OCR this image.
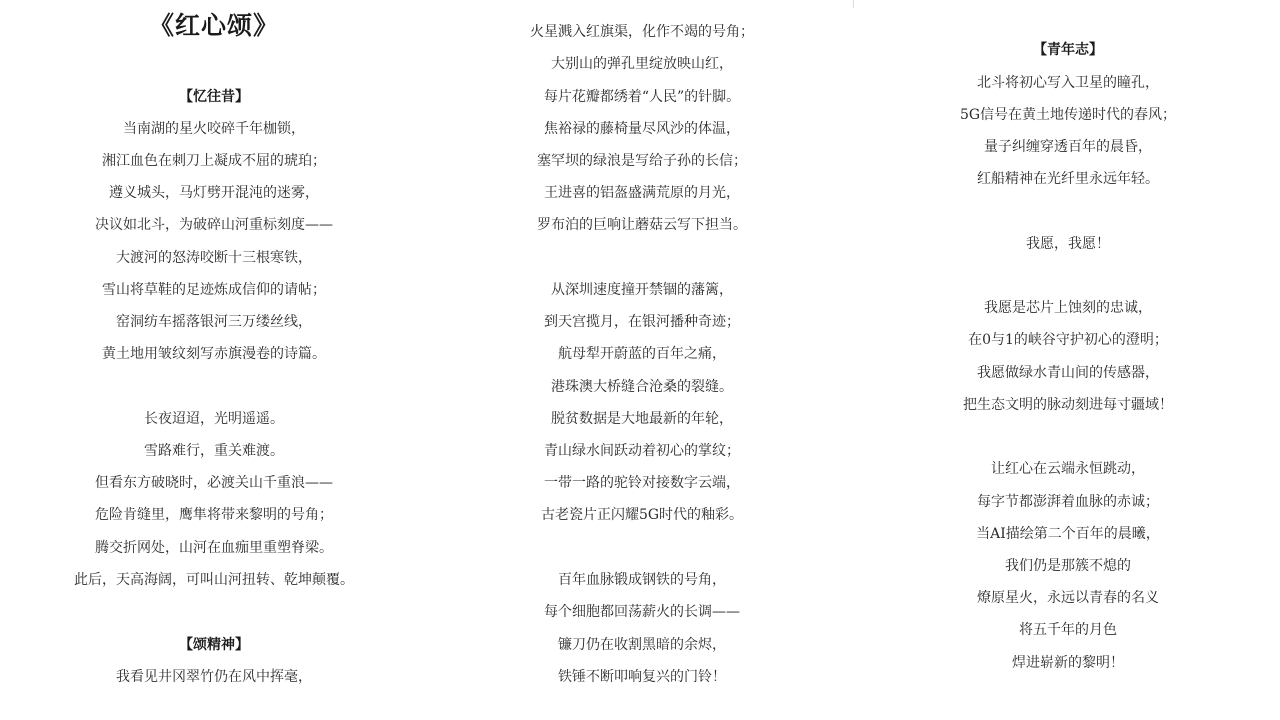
《红心颂》
【忆往昔】
当南湖的星火咬碎千年枷锁，
湘江血色在刺刀上凝成不屈的琥珀；
遵义城头，马灯劈开混沌的迷雾，
决议如北斗，为破碎山河重标刻度——
大渡河的怒涛咬断十三根寒铁，
雪山将草鞋的足迹炼成信仰的请帖；
窑洞纺车摇落银河三万缕丝线，
黄土地用皱纹刻写赤旗漫卷的诗篇。
长夜迢迢，光明遥遥。
雪路难行，重关难渡。
但看东方破晓时，必渡关山千重浪——
危险肯缝里，鹰隼将带来黎明的号角；
腾交折网处，山河在血痂里重塑脊梁。
此后，天高海阔，可叫山河扭转、乾坤颠覆。
【颂精神】
我看见井冈翠竹仍在风中挥毫，
火星溅入红旗渠，化作不竭的号角；
大别山的弹孔里绽放映山红，
每片花瓣都绣着“人民”的针脚。
焦裕禄的藤椅量尽风沙的体温，
塞罕坝的绿浪是写给子孙的长信；
王进喜的铝盔盛满荒原的月光，
罗布泊的巨响让蘑菇云写下担当。
从深圳速度撞开禁锢的藩篱，
到天宫揽月，在银河播种奇迹；
航母犁开蔚蓝的百年之痛，
港珠澳大桥缝合沧桑的裂缝。
脱贫数据是大地最新的年轮，
青山绿水间跃动着初心的掌纹；
一带一路的驼铃对接数字云端，
古老瓷片正闪耀5G时代的釉彩。
百年血脉锻成钢铁的号角，
每个细胞都回荡薪火的长调——
镰刀仍在收割黑暗的余烬，
铁锤不断叩响复兴的门铃！
【青年志】
北斗将初心写入卫星的瞳孔，
5G信号在黄土地传递时代的春风；
量子纠缠穿透百年的晨昏，
红船精神在光纤里永远年轻。
我愿，我愿！
我愿是芯片上蚀刻的忠诚，
在0与1的峡谷守护初心的澄明；
我愿做绿水青山间的传感器，
把生态文明的脉动刻进每寸疆域！
让红心在云端永恒跳动，
每字节都澎湃着血脉的赤诚；
当AI描绘第二个百年的晨曦，
我们仍是那簇不熄的
燎原星火，永远以青春的名义
将五千年的月色
焊进崭新的黎明！
